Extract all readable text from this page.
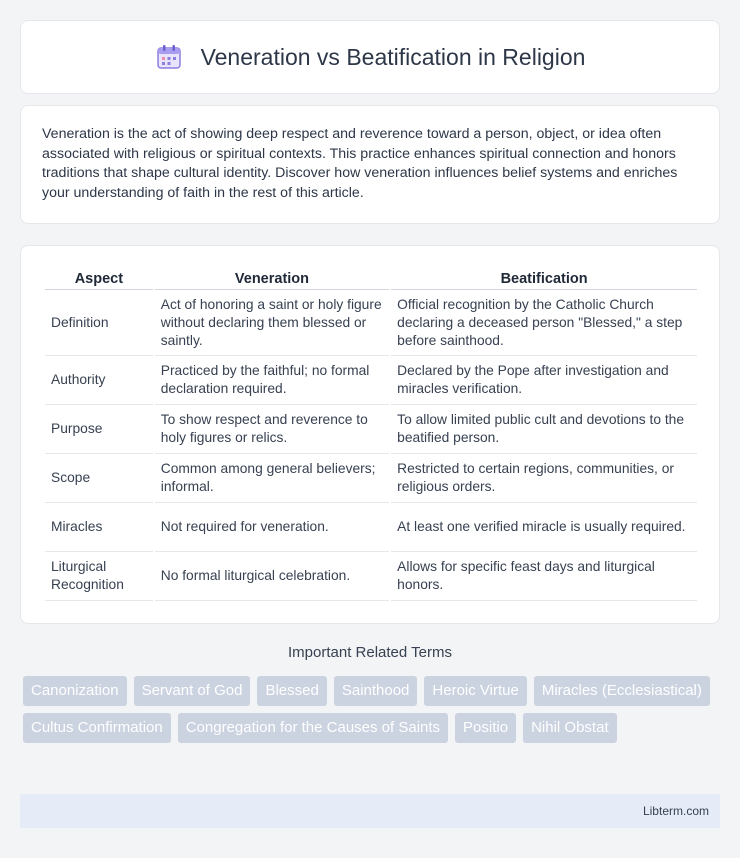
Veneration vs Beatification in Religion

Veneration is the act of showing deep respect and reverence toward a person, object, or idea often associated with religious or spiritual contexts. This practice enhances spiritual connection and honors traditions that shape cultural identity. Discover how veneration influences belief systems and enriches your understanding of faith in the rest of this article.

Aspect	Veneration	Beatification
Definition	Act of honoring a saint or holy figure without declaring them blessed or saintly.	Official recognition by the Catholic Church declaring a deceased person "Blessed," a step before sainthood.
Authority	Practiced by the faithful; no formal declaration required.	Declared by the Pope after investigation and miracles verification.
Purpose	To show respect and reverence to holy figures or relics.	To allow limited public cult and devotions to the beatified person.
Scope	Common among general believers; informal.	Restricted to certain regions, communities, or religious orders.
Miracles	Not required for veneration.	At least one verified miracle is usually required.
Liturgical Recognition	No formal liturgical celebration.	Allows for specific feast days and liturgical honors.
Important Related Terms
Canonization	Servant of God	Blessed	Sainthood	Heroic Virtue	Miracles (Ecclesiastical)
Cultus Confirmation	Congregation for the Causes of Saints	Positio	Nihil Obstat
Libterm.com
